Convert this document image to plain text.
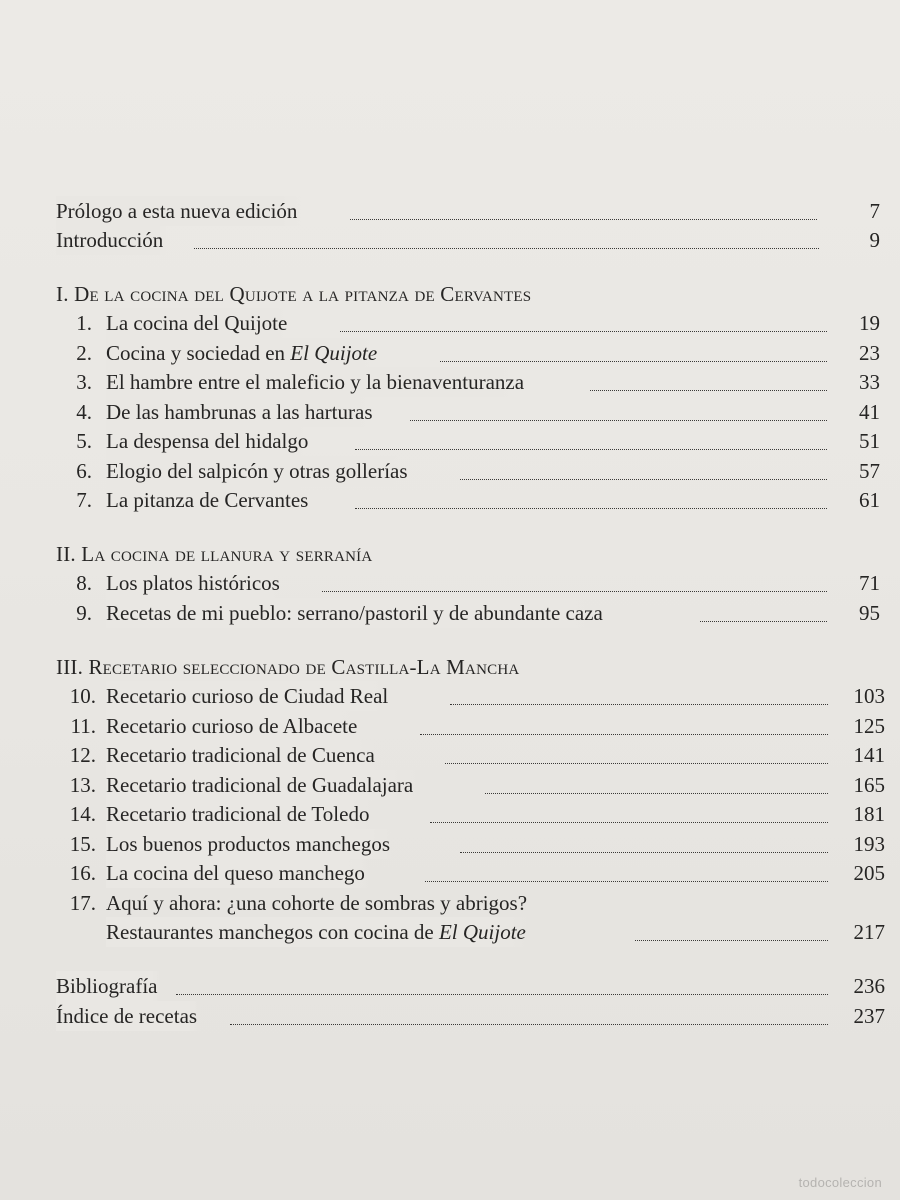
Prólogo a esta nueva edición	7
Introducción	9
I. De la cocina del Quijote a la pitanza de Cervantes
1. La cocina del Quijote	19
2. Cocina y sociedad en El Quijote	23
3. El hambre entre el maleficio y la bienaventuranza	33
4. De las hambrunas a las harturas	41
5. La despensa del hidalgo	51
6. Elogio del salpicón y otras gollerías	57
7. La pitanza de Cervantes	61
II. La cocina de llanura y serranía
8. Los platos históricos	71
9. Recetas de mi pueblo: serrano/pastoril y de abundante caza	95
III. Recetario seleccionado de Castilla-La Mancha
10. Recetario curioso de Ciudad Real	103
11. Recetario curioso de Albacete	125
12. Recetario tradicional de Cuenca	141
13. Recetario tradicional de Guadalajara	165
14. Recetario tradicional de Toledo	181
15. Los buenos productos manchegos	193
16. La cocina del queso manchego	205
17. Aquí y ahora: ¿una cohorte de sombras y abrigos?
Restaurantes manchegos con cocina de El Quijote	217
Bibliografía	236
Índice de recetas	237
todocoleccion
